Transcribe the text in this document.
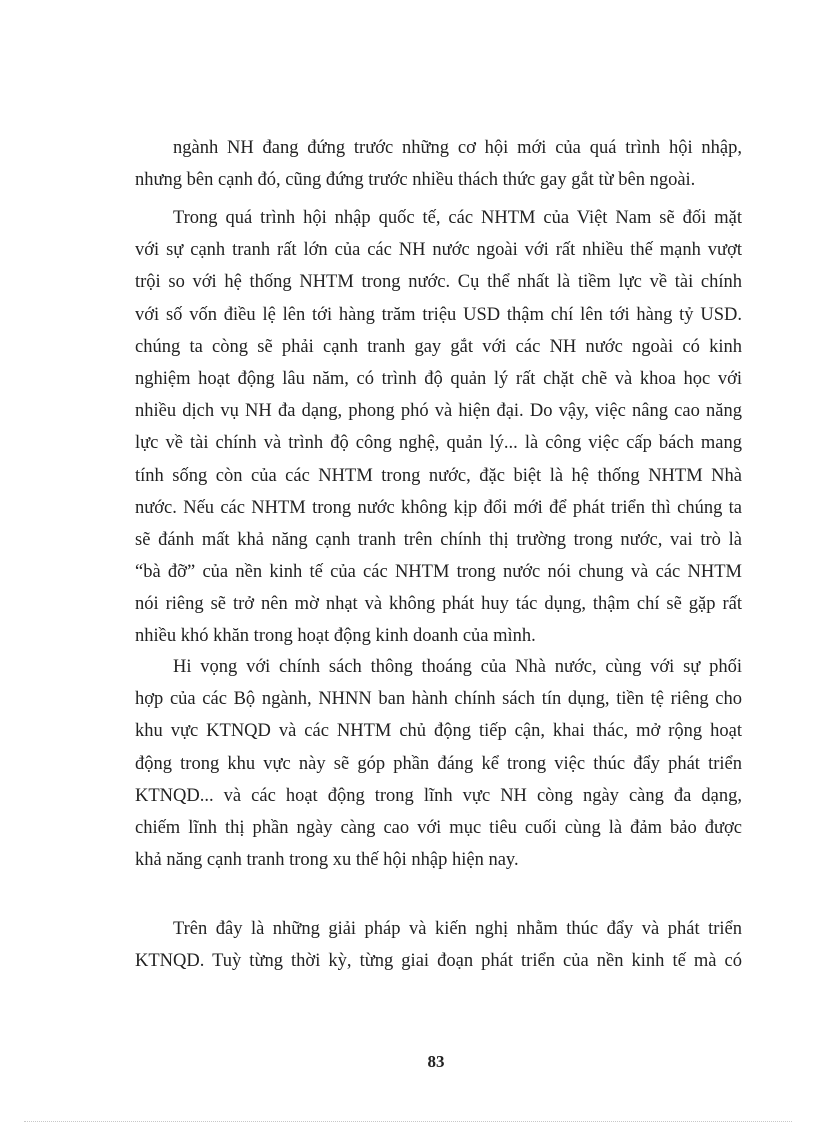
ngành NH đang đứng trước những cơ hội mới của quá trình hội nhập,
nhưng bên cạnh đó, cũng đứng trước nhiều thách thức gay gắt từ bên ngoài.
Trong quá trình hội nhập quốc tế, các NHTM của Việt Nam sẽ đối mặt
với sự cạnh tranh rất lớn của các NH nước ngoài với rất nhiều thế mạnh vượt
trội so với hệ thống NHTM trong nước. Cụ thể nhất là tiềm lực về tài chính
với số vốn điều lệ lên tới hàng trăm triệu USD thậm chí lên tới hàng tỷ USD.
chúng ta còng sẽ phải cạnh tranh gay gắt với các NH nước ngoài có kinh
nghiệm hoạt động lâu năm, có trình độ quản lý rất chặt chẽ và khoa học với
nhiều dịch vụ NH đa dạng, phong phó và hiện đại. Do vậy, việc nâng cao năng
lực về tài chính và trình độ công nghệ, quản lý... là công việc cấp bách mang
tính sống còn của các NHTM trong nước, đặc biệt là hệ thống NHTM Nhà
nước. Nếu các NHTM trong nước không kịp đổi mới để phát triển thì chúng ta
sẽ đánh mất khả năng cạnh tranh trên chính thị trường trong nước, vai trò là
“bà đỡ” của nền kinh tế của các NHTM trong nước nói chung và các NHTM
nói riêng sẽ trở nên mờ nhạt và không phát huy tác dụng, thậm chí sẽ gặp rất
nhiều khó khăn trong hoạt động kinh doanh của mình.
Hi vọng với chính sách thông thoáng của Nhà nước, cùng với sự phối
hợp của các Bộ ngành, NHNN ban hành chính sách tín dụng, tiền tệ riêng cho
khu vực KTNQD và các NHTM chủ động tiếp cận, khai thác, mở rộng hoạt
động trong khu vực này sẽ góp phần đáng kể trong việc thúc đẩy phát triển
KTNQD... và các hoạt động trong lĩnh vực NH còng ngày càng đa dạng,
chiếm lĩnh thị phần ngày càng cao với mục tiêu cuối cùng là đảm bảo được
khả năng cạnh tranh trong xu thế hội nhập hiện nay.
Trên đây là những giải pháp và kiến nghị nhằm thúc đẩy và phát triển
KTNQD. Tuỳ từng thời kỳ, từng giai đoạn phát triển của nền kinh tế mà có
83
